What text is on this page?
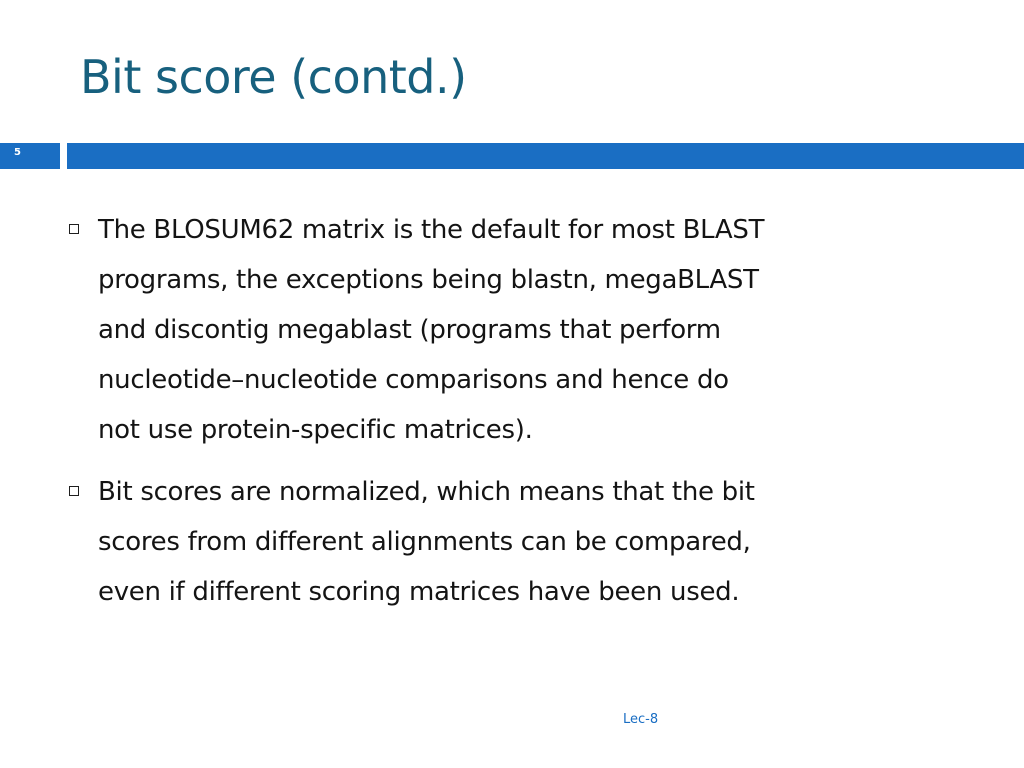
Bit score (contd.)
5
The BLOSUM62 matrix is the default for most BLAST
programs, the exceptions being blastn, megaBLAST
and discontig megablast (programs that perform
nucleotide–nucleotide comparisons and hence do
not use protein-specific matrices).
Bit scores are normalized, which means that the bit
scores from different alignments can be compared,
even if different scoring matrices have been used.
Lec-8
